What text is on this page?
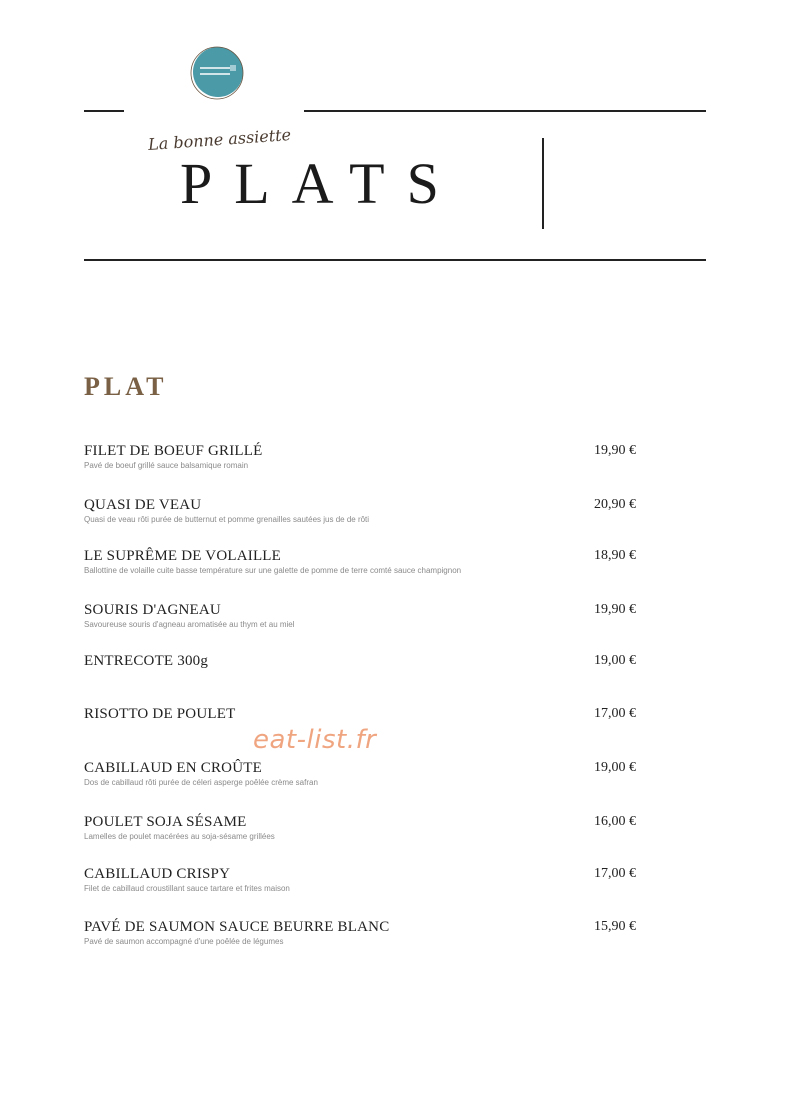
La bonne assiette
PLATS
PLAT
FILET DE BOEUF GRILLÉ
Pavé de boeuf grillé sauce balsamique romain
19,90 €
QUASI DE VEAU
Quasi de veau rôti purée de butternut et pomme grenailles sautées jus de de rôti
20,90 €
LE SUPRÊME DE VOLAILLE
Ballottine de volaille cuite basse température sur une galette de pomme de terre comté sauce champignon
18,90 €
SOURIS D'AGNEAU
Savoureuse souris d'agneau aromatisée au thym et au miel
19,90 €
ENTRECOTE 300g	19,00 €
RISOTTO DE POULET	17,00 €
CABILLAUD EN CROÛTE
Dos de cabillaud rôti purée de céleri asperge poêlée crème safran
19,00 €
POULET SOJA SÉSAME
Lamelles de poulet macérées au soja-sésame grillées
16,00 €
CABILLAUD CRISPY
Filet de cabillaud croustillant sauce tartare et frites maison
17,00 €
PAVÉ DE SAUMON SAUCE BEURRE BLANC
Pavé de saumon accompagné d'une poêlée de légumes
15,90 €
eat-list.fr
